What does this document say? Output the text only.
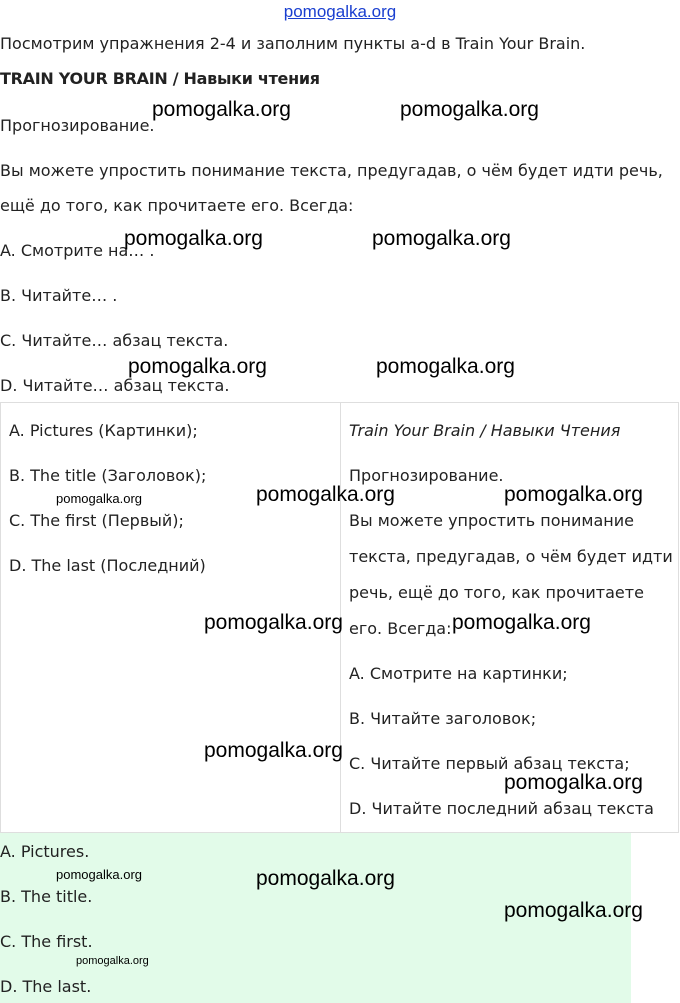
pomogalka.org
Посмотрим упражнения 2-4 и заполним пункты a-d в Train Your Brain.
TRAIN YOUR BRAIN / Навыки чтения
Прогнозирование.
Вы можете упростить понимание текста, предугадав, о чём будет идти речь,
ещё до того, как прочитаете его. Всегда:
A. Смотрите на… .
B. Читайте… .
C. Читайте… абзац текста.
D. Читайте… абзац текста.
A. Pictures (Картинки);
B. The title (Заголовок);
C. The first (Первый);
D. The last (Последний)
Train Your Brain / Навыки Чтения
Прогнозирование.
Вы можете упростить понимание
текста, предугадав, о чём будет идти
речь, ещё до того, как прочитаете
его. Всегда:
A. Смотрите на картинки;
B. Читайте заголовок;
C. Читайте первый абзац текста;
D. Читайте последний абзац текста
A. Pictures.
B. The title.
C. The first.
D. The last.
pomogalka.org	pomogalka.org
pomogalka.org	pomogalka.org
pomogalka.org	pomogalka.org
pomogalka.org	pomogalka.org	pomogalka.org
pomogalka.org	pomogalka.org
pomogalka.org
pomogalka.org
pomogalka.org	pomogalka.org
pomogalka.org
pomogalka.org
